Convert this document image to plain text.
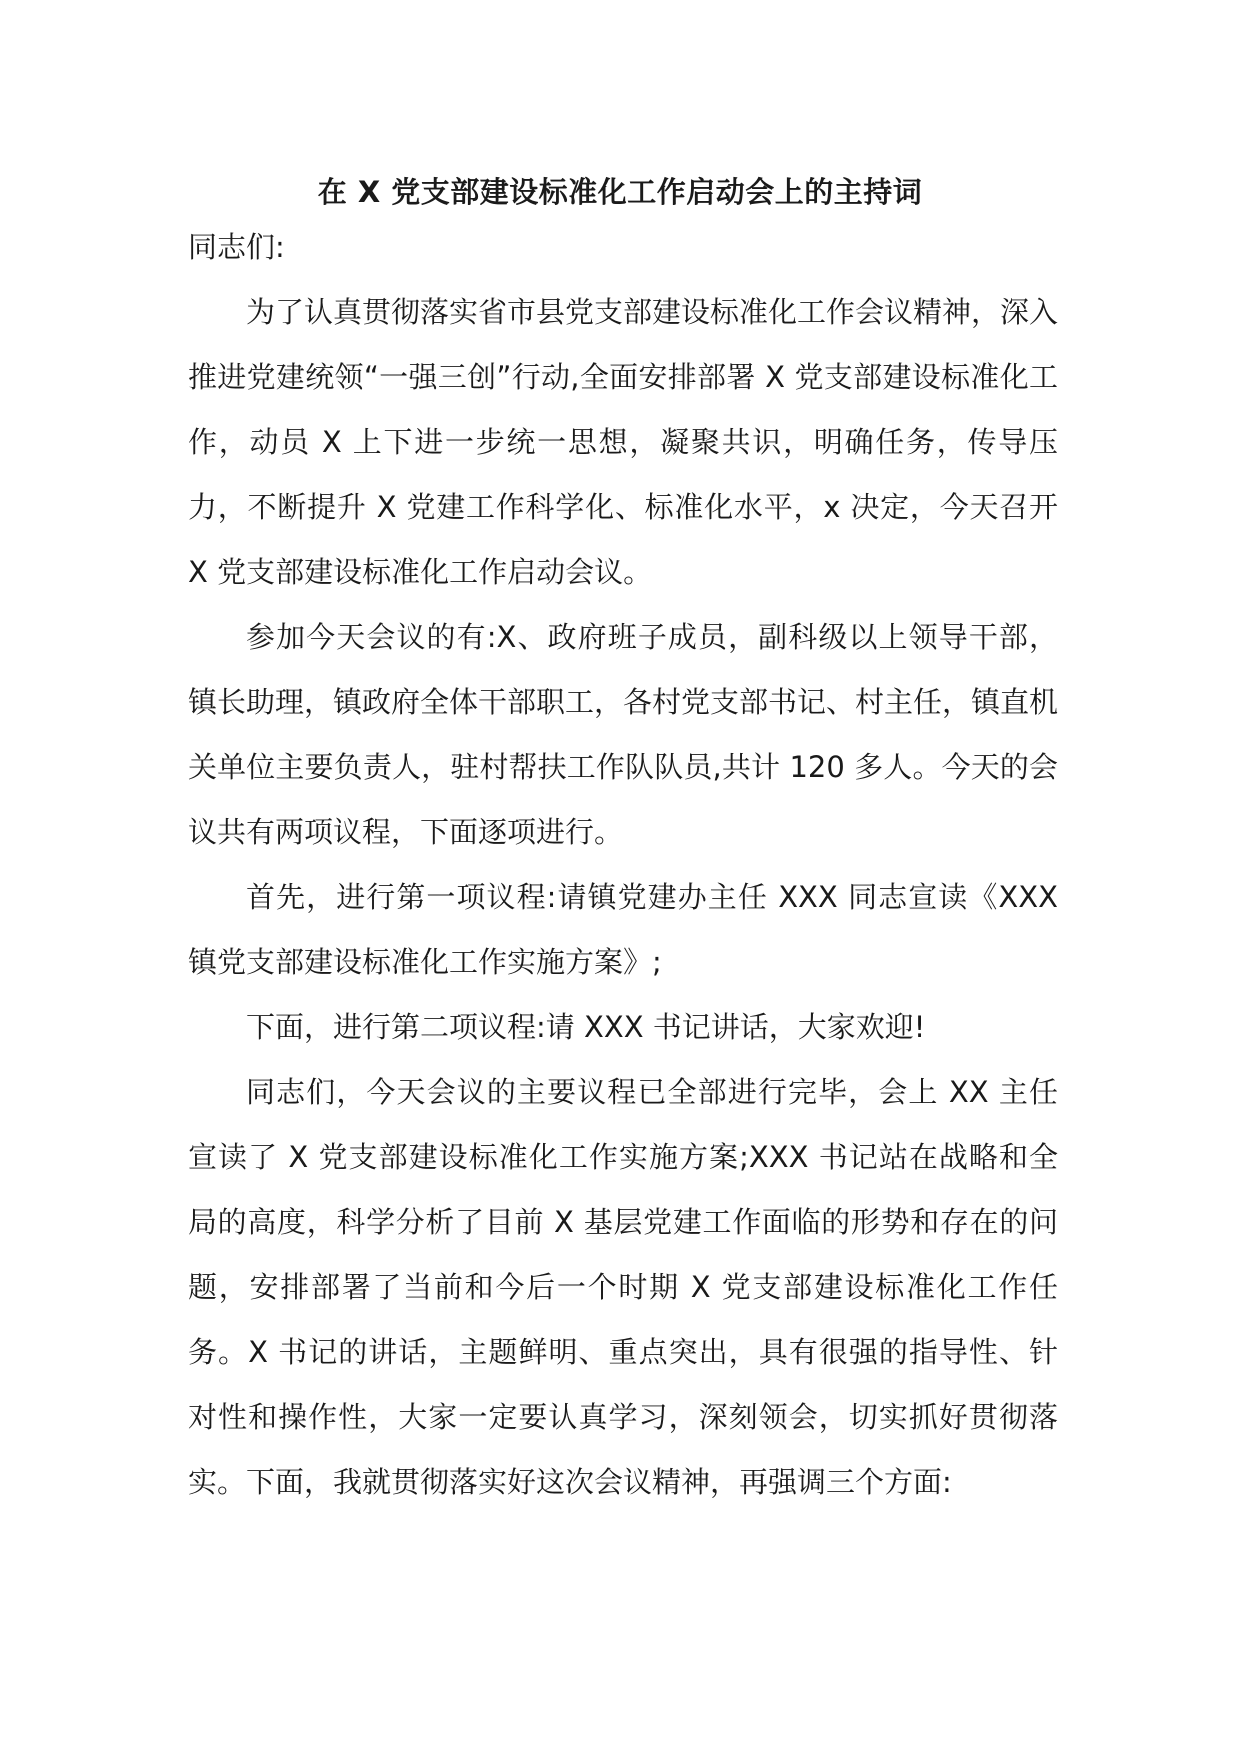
在 X 党支部建设标准化工作启动会上的主持词

同志们:

为了认真贯彻落实省市县党支部建设标准化工作会议精神，深入推进党建统领“一强三创”行动,全面安排部署 X 党支部建设标准化工作，动员 X 上下进一步统一思想，凝聚共识，明确任务，传导压力，不断提升 X 党建工作科学化、标准化水平，x 决定，今天召开 X 党支部建设标准化工作启动会议。

参加今天会议的有:X、政府班子成员，副科级以上领导干部，镇长助理，镇政府全体干部职工，各村党支部书记、村主任，镇直机关单位主要负责人，驻村帮扶工作队队员,共计 120 多人。今天的会议共有两项议程，下面逐项进行。

首先，进行第一项议程:请镇党建办主任 XXX 同志宣读《XXX 镇党支部建设标准化工作实施方案》;

下面，进行第二项议程:请 XXX 书记讲话，大家欢迎!

同志们，今天会议的主要议程已全部进行完毕，会上 XX 主任宣读了 X 党支部建设标准化工作实施方案;XXX 书记站在战略和全局的高度，科学分析了目前 X 基层党建工作面临的形势和存在的问题，安排部署了当前和今后一个时期 X 党支部建设标准化工作任务。X 书记的讲话，主题鲜明、重点突出，具有很强的指导性、针对性和操作性，大家一定要认真学习，深刻领会，切实抓好贯彻落实。下面，我就贯彻落实好这次会议精神，再强调三个方面:
